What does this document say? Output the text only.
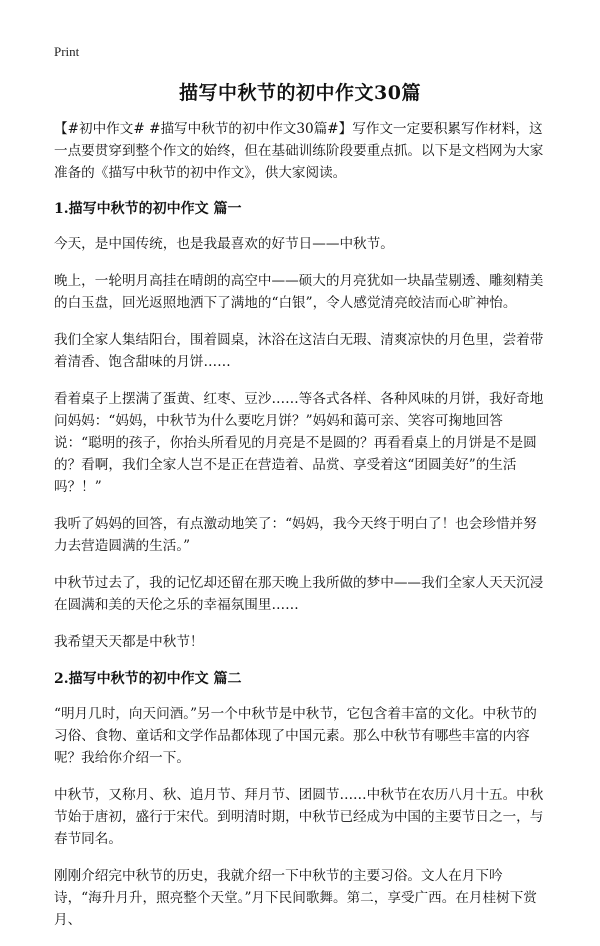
Print
描写中秋节的初中作文30篇

【#初中作文# #描写中秋节的初中作文30篇#】写作文一定要积累写作材料，这一点要贯穿到整个作文的始终，但在基础训练阶段要重点抓。以下是文档网为大家准备的《描写中秋节的初中作文》，供大家阅读。

1.描写中秋节的初中作文 篇一

今天，是中国传统，也是我最喜欢的好节日——中秋节。

晚上，一轮明月高挂在晴朗的高空中——硕大的月亮犹如一块晶莹剔透、雕刻精美的白玉盘，回光返照地洒下了满地的“白银”，令人感觉清亮皎洁而心旷神怡。

我们全家人集结阳台，围着圆桌，沐浴在这洁白无瑕、清爽凉快的月色里，尝着带着清香、饱含甜味的月饼……

看着桌子上摆满了蛋黄、红枣、豆沙……等各式各样、各种风味的月饼，我好奇地问妈妈：“妈妈，中秋节为什么要吃月饼？”妈妈和蔼可亲、笑容可掬地回答说：“聪明的孩子，你抬头所看见的月亮是不是圆的？再看看桌上的月饼是不是圆的？看啊，我们全家人岂不是正在营造着、品赏、享受着这“团圆美好”的生活吗？！”

我听了妈妈的回答，有点激动地笑了：“妈妈，我今天终于明白了！也会珍惜并努力去营造圆满的生活。”

中秋节过去了，我的记忆却还留在那天晚上我所做的梦中——我们全家人天天沉浸在圆满和美的天伦之乐的幸福氛围里……

我希望天天都是中秋节！

2.描写中秋节的初中作文 篇二

“明月几时，向天问酒。”另一个中秋节是中秋节，它包含着丰富的文化。中秋节的习俗、食物、童话和文学作品都体现了中国元素。那么中秋节有哪些丰富的内容呢？我给你介绍一下。

中秋节，又称月、秋、追月节、拜月节、团圆节……中秋节在农历八月十五。中秋节始于唐初，盛行于宋代。到明清时期，中秋节已经成为中国的主要节日之一，与春节同名。

刚刚介绍完中秋节的历史，我就介绍一下中秋节的主要习俗。文人在月下吟诗，“海升月升，照亮整个天堂。”月下民间歌舞。第二，享受广西。在月桂树下赏月、
